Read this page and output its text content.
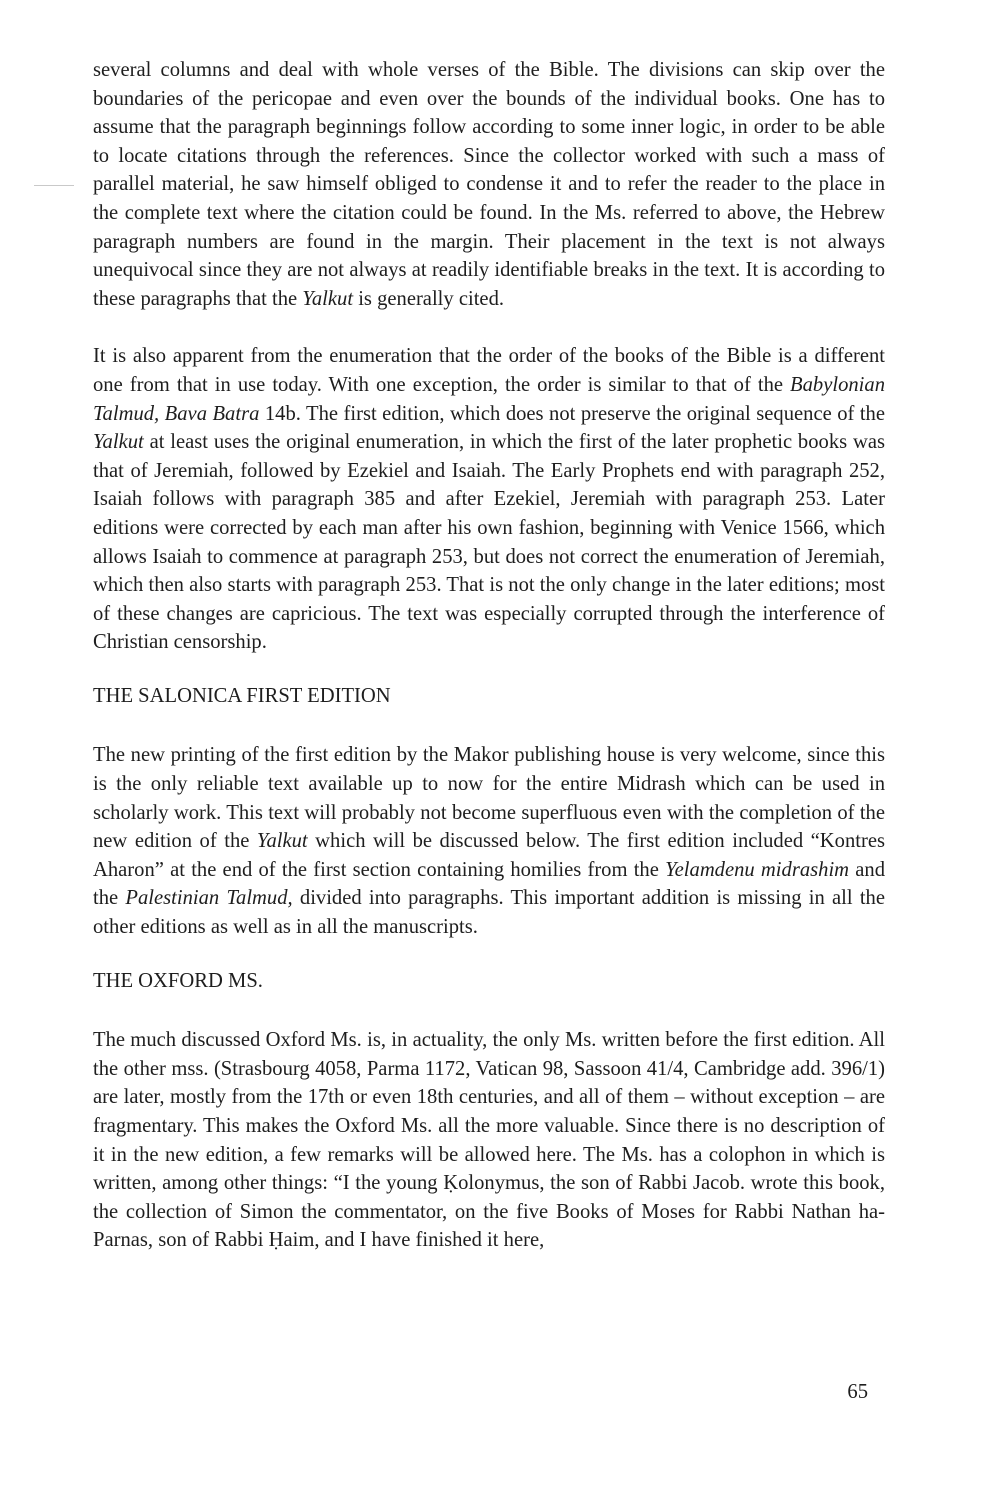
several columns and deal with whole verses of the Bible. The divisions can skip over the boundaries of the pericopae and even over the bounds of the individual books. One has to assume that the paragraph beginnings follow according to some inner logic, in order to be able to locate citations through the references. Since the collector worked with such a mass of parallel material, he saw himself obliged to condense it and to refer the reader to the place in the complete text where the citation could be found. In the Ms. referred to above, the Hebrew paragraph numbers are found in the margin. Their placement in the text is not always unequivocal since they are not always at readily identifiable breaks in the text. It is according to these paragraphs that the Yalkut is generally cited.

It is also apparent from the enumeration that the order of the books of the Bible is a different one from that in use today. With one exception, the order is similar to that of the Babylonian Talmud, Bava Batra 14b. The first edition, which does not preserve the original sequence of the Yalkut at least uses the original enumeration, in which the first of the later prophetic books was that of Jeremiah, followed by Ezekiel and Isaiah. The Early Prophets end with paragraph 252, Isaiah follows with paragraph 385 and after Ezekiel, Jeremiah with paragraph 253. Later editions were corrected by each man after his own fashion, beginning with Venice 1566, which allows Isaiah to commence at paragraph 253, but does not correct the enumeration of Jeremiah, which then also starts with paragraph 253. That is not the only change in the later editions; most of these changes are capricious. The text was especially corrupted through the interference of Christian censorship.

THE SALONICA FIRST EDITION

The new printing of the first edition by the Makor publishing house is very welcome, since this is the only reliable text available up to now for the entire Midrash which can be used in scholarly work. This text will probably not become superfluous even with the completion of the new edition of the Yalkut which will be discussed below. The first edition included “Kontres Aharon” at the end of the first section containing homilies from the Yelamdenu midrashim and the Palestinian Talmud, divided into paragraphs. This important addition is missing in all the other editions as well as in all the manuscripts.

THE OXFORD MS.

The much discussed Oxford Ms. is, in actuality, the only Ms. written before the first edition. All the other mss. (Strasbourg 4058, Parma 1172, Vatican 98, Sassoon 41/4, Cambridge add. 396/1) are later, mostly from the 17th or even 18th centuries, and all of them – without exception – are fragmentary. This makes the Oxford Ms. all the more valuable. Since there is no description of it in the new edition, a few remarks will be allowed here. The Ms. has a colophon in which is written, among other things: “I the young Ḳolonymus, the son of Rabbi Jacob. wrote this book, the collection of Simon the commentator, on the five Books of Moses for Rabbi Nathan ha-Parnas, son of Rabbi Ḥaim, and I have finished it here,

65
